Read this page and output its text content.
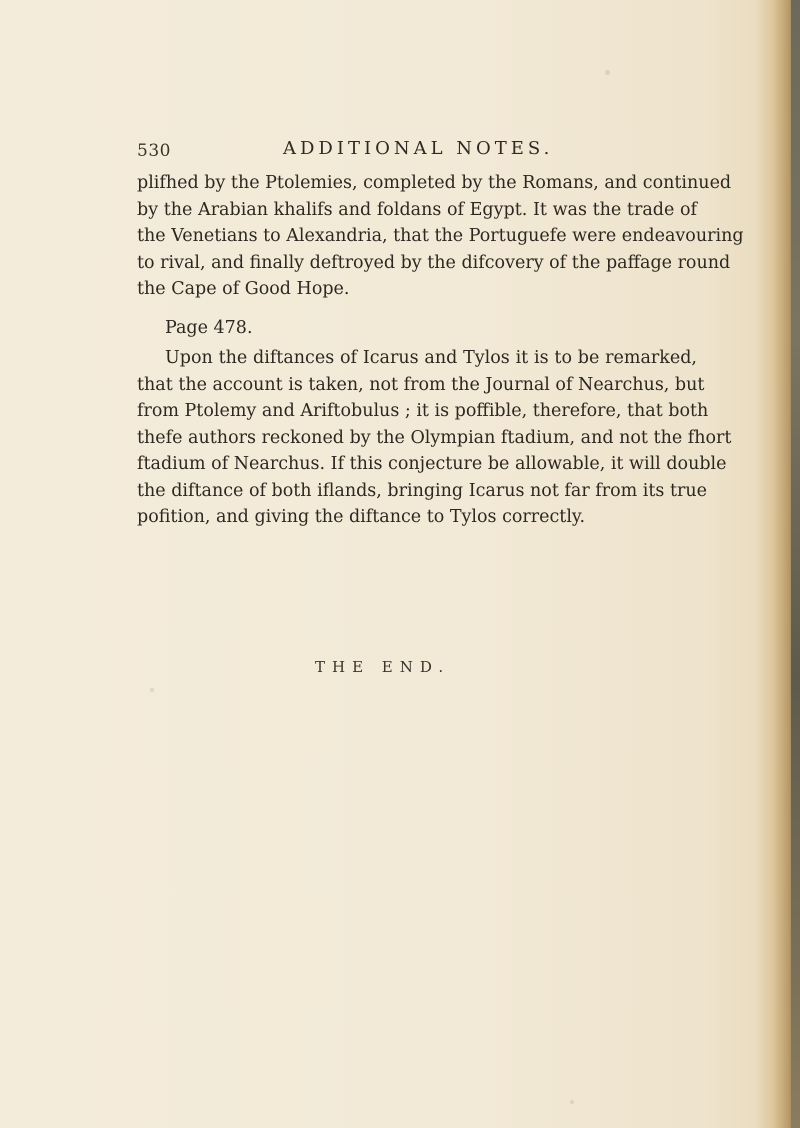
530	ADDITIONAL NOTES.
plifhed by the Ptolemies, completed by the Romans, and continued
by the Arabian khalifs and foldans of Egypt. It was the trade of
the Venetians to Alexandria, that the Portuguefe were endeavouring
to rival, and finally deftroyed by the difcovery of the paffage round
the Cape of Good Hope.
Page 478.
Upon the diftances of Icarus and Tylos it is to be remarked,
that the account is taken, not from the Journal of Nearchus, but
from Ptolemy and Ariftobulus ; it is poffible, therefore, that both
thefe authors reckoned by the Olympian ftadium, and not the fhort
ftadium of Nearchus. If this conjecture be allowable, it will double
the diftance of both iflands, bringing Icarus not far from its true
pofition, and giving the diftance to Tylos correctly.
THE END.
